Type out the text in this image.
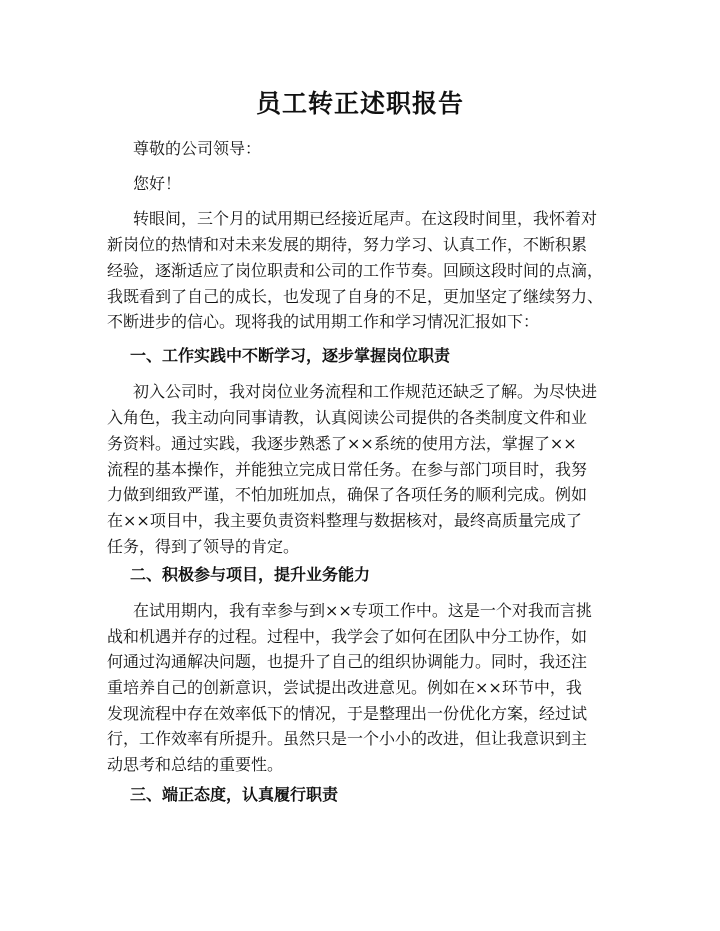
员工转正述职报告

尊敬的公司领导：

您好！

转眼间，三个月的试用期已经接近尾声。在这段时间里，我怀着对

新岗位的热情和对未来发展的期待，努力学习、认真工作，不断积累

经验，逐渐适应了岗位职责和公司的工作节奏。回顾这段时间的点滴，

我既看到了自己的成长，也发现了自身的不足，更加坚定了继续努力、

不断进步的信心。现将我的试用期工作和学习情况汇报如下：

一、工作实践中不断学习，逐步掌握岗位职责

初入公司时，我对岗位业务流程和工作规范还缺乏了解。为尽快进

入角色，我主动向同事请教，认真阅读公司提供的各类制度文件和业

务资料。通过实践，我逐步熟悉了××系统的使用方法，掌握了××

流程的基本操作，并能独立完成日常任务。在参与部门项目时，我努

力做到细致严谨，不怕加班加点，确保了各项任务的顺利完成。例如

在××项目中，我主要负责资料整理与数据核对，最终高质量完成了

任务，得到了领导的肯定。

二、积极参与项目，提升业务能力

在试用期内，我有幸参与到××专项工作中。这是一个对我而言挑

战和机遇并存的过程。过程中，我学会了如何在团队中分工协作，如

何通过沟通解决问题，也提升了自己的组织协调能力。同时，我还注

重培养自己的创新意识，尝试提出改进意见。例如在××环节中，我

发现流程中存在效率低下的情况，于是整理出一份优化方案，经过试

行，工作效率有所提升。虽然只是一个小小的改进，但让我意识到主

动思考和总结的重要性。

三、端正态度，认真履行职责
